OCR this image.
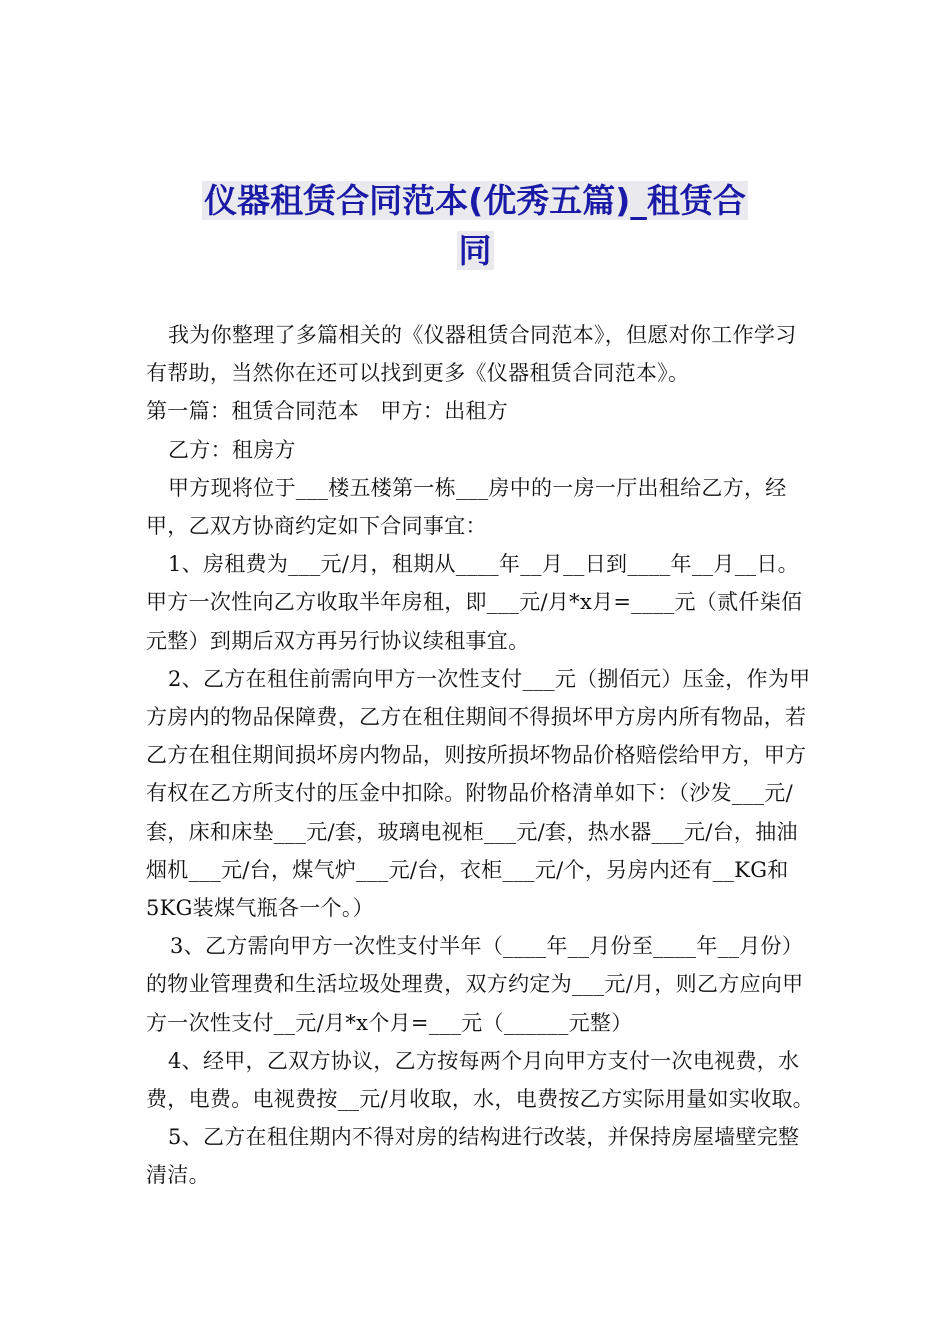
仪器租赁合同范本(优秀五篇)_租赁合
同

我为你整理了多篇相关的《仪器租赁合同范本》，但愿对你工作学习有帮助，当然你在还可以找到更多《仪器租赁合同范本》。

第一篇：租赁合同范本　甲方：出租方

乙方：租房方

甲方现将位于___楼五楼第一栋___房中的一房一厅出租给乙方，经甲，乙双方协商约定如下合同事宜：

1、房租费为___元/月，租期从____年__月__日到____年__月__日。甲方一次性向乙方收取半年房租，即___元/月*x月=____元（贰仟柒佰元整）到期后双方再另行协议续租事宜。

2、乙方在租住前需向甲方一次性支付___元（捌佰元）压金，作为甲方房内的物品保障费，乙方在租住期间不得损坏甲方房内所有物品，若乙方在租住期间损坏房内物品，则按所损坏物品价格赔偿给甲方，甲方有权在乙方所支付的压金中扣除。附物品价格清单如下：（沙发___元/套，床和床垫___元/套，玻璃电视柜___元/套，热水器___元/台，抽油烟机___元/台，煤气炉___元/台，衣柜___元/个，另房内还有__KG和5KG装煤气瓶各一个。）

3、乙方需向甲方一次性支付半年（____年__月份至____年__月份）的物业管理费和生活垃圾处理费，双方约定为___元/月，则乙方应向甲方一次性支付__元/月*x个月=___元（______元整）

4、经甲，乙双方协议，乙方按每两个月向甲方支付一次电视费，水费，电费。电视费按__元/月收取，水，电费按乙方实际用量如实收取。

5、乙方在租住期内不得对房的结构进行改装，并保持房屋墙壁完整清洁。
